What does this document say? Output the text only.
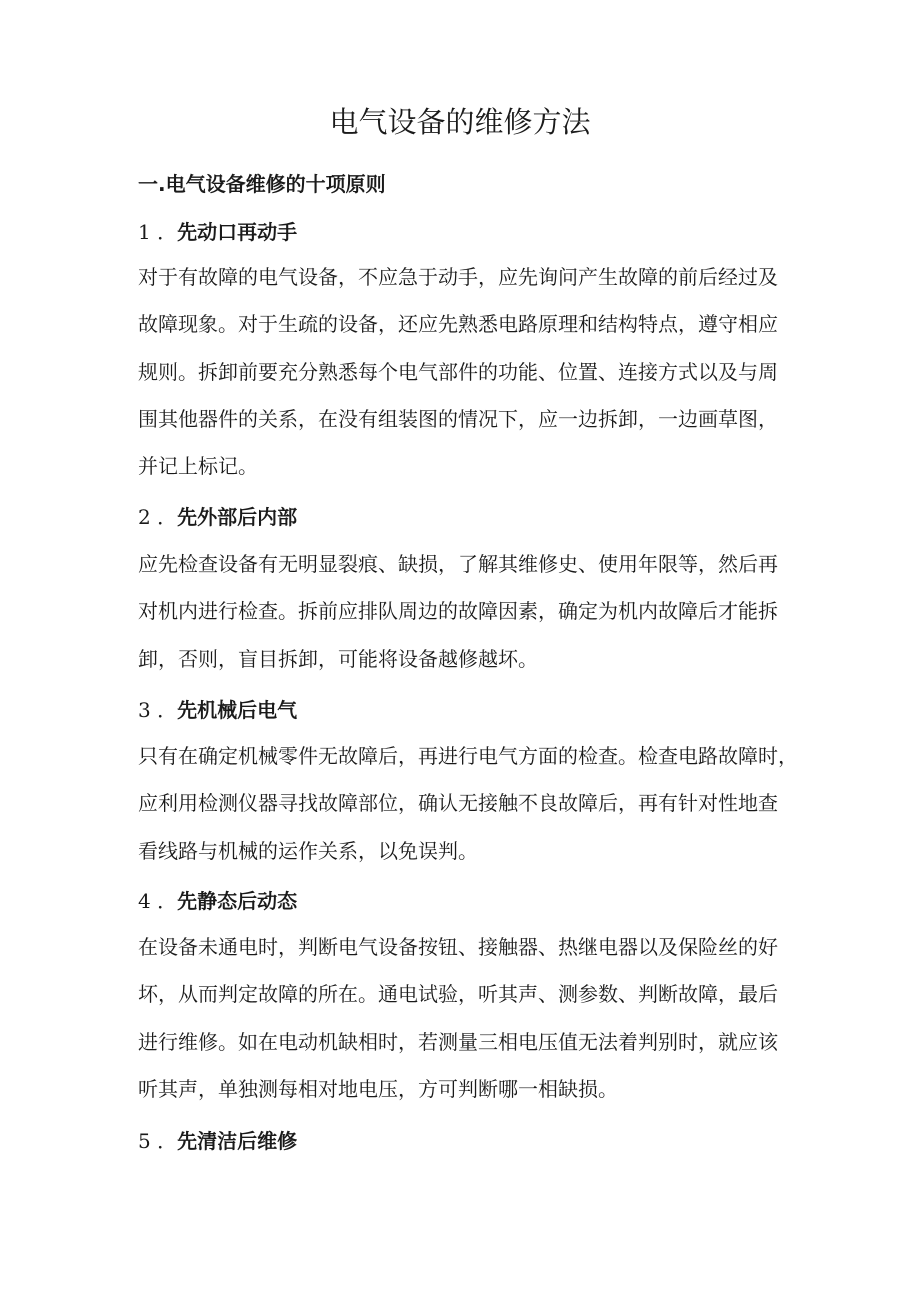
电气设备的维修方法
一.电气设备维修的十项原则
1 ．先动口再动手
对于有故障的电气设备，不应急于动手，应先询问产生故障的前后经过及
故障现象。对于生疏的设备，还应先熟悉电路原理和结构特点，遵守相应
规则。拆卸前要充分熟悉每个电气部件的功能、位置、连接方式以及与周
围其他器件的关系，在没有组装图的情况下，应一边拆卸，一边画草图，
并记上标记。
2 ．先外部后内部
应先检查设备有无明显裂痕、缺损，了解其维修史、使用年限等，然后再
对机内进行检查。拆前应排队周边的故障因素，确定为机内故障后才能拆
卸，否则，盲目拆卸，可能将设备越修越坏。
3 ．先机械后电气
只有在确定机械零件无故障后，再进行电气方面的检查。检查电路故障时，
应利用检测仪器寻找故障部位，确认无接触不良故障后，再有针对性地查
看线路与机械的运作关系，以免误判。
4 ．先静态后动态
在设备未通电时，判断电气设备按钮、接触器、热继电器以及保险丝的好
坏，从而判定故障的所在。通电试验，听其声、测参数、判断故障，最后
进行维修。如在电动机缺相时，若测量三相电压值无法着判别时，就应该
听其声，单独测每相对地电压，方可判断哪一相缺损。
5 ．先清洁后维修
